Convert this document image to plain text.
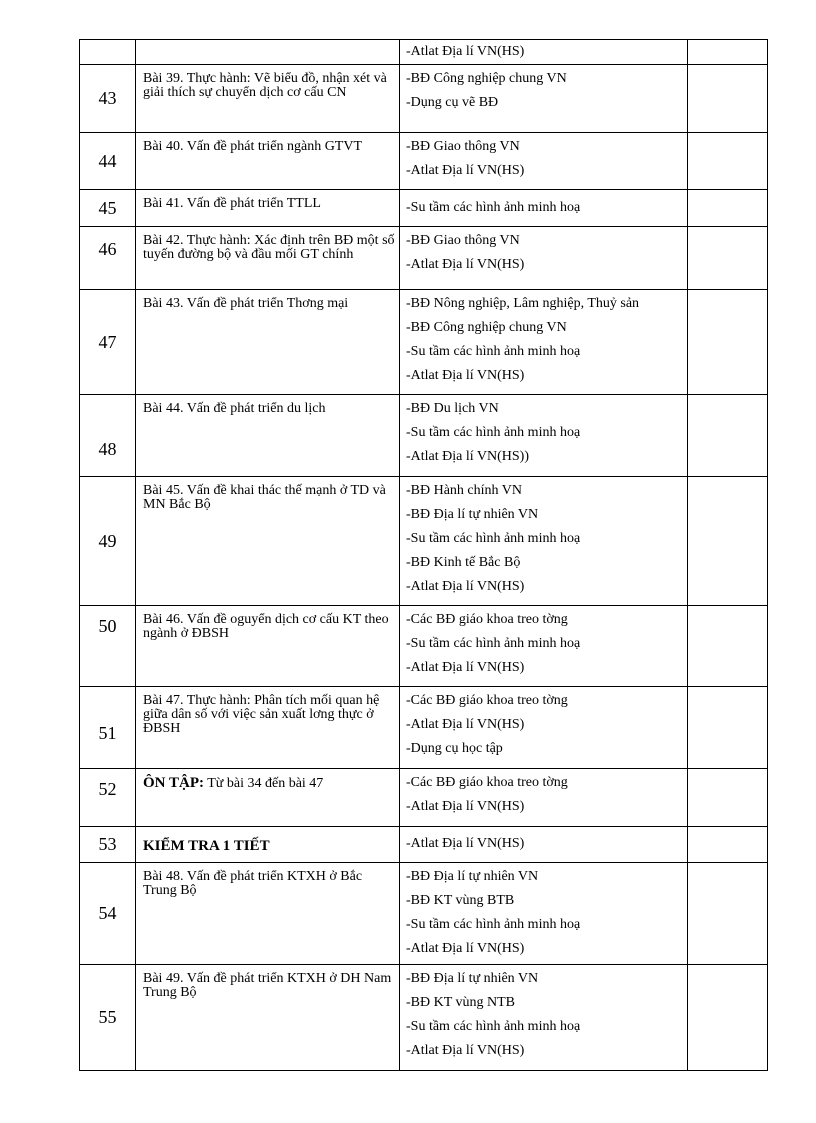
		-Atlat Địa lí VN(HS)	

43	Bài 39. Thực hành: Vẽ biểu đồ, nhận xét và giải thích sự chuyển dịch cơ cấu CN	-BĐ Công nghiệp chung VN
-Dụng cụ vẽ BĐ	

44	Bài 40. Vấn đề phát triển ngành GTVT	-BĐ Giao thông VN
-Atlat Địa lí VN(HS)	

45	Bài 41. Vấn đề phát triển TTLL	-Su tầm các hình ảnh minh hoạ	

46	Bài 42. Thực hành: Xác định trên BĐ một số tuyến đường bộ và đầu mối GT chính	-BĐ Giao thông VN
-Atlat Địa lí VN(HS)	

47	Bài 43. Vấn đề phát triển Thơng mại	-BĐ Nông nghiệp, Lâm nghiệp, Thuỷ sản
-BĐ Công nghiệp chung VN
-Su tầm các hình ảnh minh hoạ
-Atlat Địa lí VN(HS)	

48	Bài 44. Vấn đề phát triển du lịch	-BĐ Du lịch VN
-Su tầm các hình ảnh minh hoạ
-Atlat Địa lí VN(HS))	

49	Bài 45. Vấn đề khai thác thế mạnh ở TD và MN Bắc Bộ	-BĐ Hành chính VN
-BĐ Địa lí tự nhiên VN
-Su tầm các hình ảnh minh hoạ
-BĐ Kinh tế Bắc Bộ
-Atlat Địa lí VN(HS)	

50	Bài 46. Vấn đề oguyển dịch cơ cấu KT theo ngành ở ĐBSH	-Các BĐ giáo khoa treo tờng
-Su tầm các hình ảnh minh hoạ
-Atlat Địa lí VN(HS)	

51	Bài 47. Thực hành: Phân tích mối quan hệ giữa dân số với việc sản xuất lơng thực ở ĐBSH	-Các BĐ giáo khoa treo tờng
-Atlat Địa lí VN(HS)
-Dụng cụ học tập	

52	ÔN TẬP: Từ bài 34 đến bài 47	-Các BĐ giáo khoa treo tờng
-Atlat Địa lí VN(HS)	

53	KIỂM TRA 1 TIẾT	-Atlat Địa lí VN(HS)	

54	Bài 48. Vấn đề phát triển KTXH ở Bắc Trung Bộ	-BĐ Địa lí tự nhiên VN
-BĐ KT vùng BTB
-Su tầm các hình ảnh minh hoạ
-Atlat Địa lí VN(HS)	

55	Bài 49. Vấn đề phát triển KTXH ở DH Nam Trung Bộ	-BĐ Địa lí tự nhiên VN
-BĐ KT vùng NTB
-Su tầm các hình ảnh minh hoạ
-Atlat Địa lí VN(HS)	
